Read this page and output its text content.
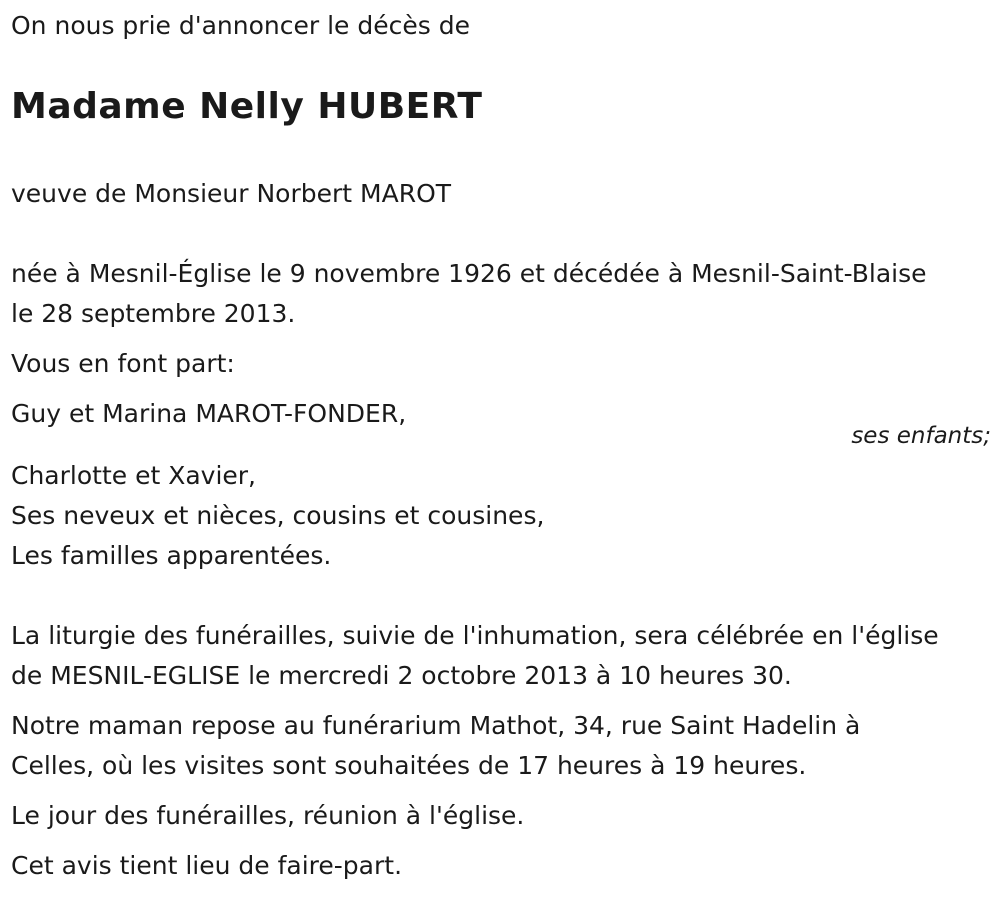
On nous prie d'annoncer le décès de

Madame Nelly HUBERT

veuve de Monsieur Norbert MAROT

née à Mesnil-Église le 9 novembre 1926 et décédée à Mesnil-Saint-Blaise

le 28 septembre 2013.

Vous en font part:

Guy et Marina MAROT-FONDER,

ses enfants;

Charlotte et Xavier,

Ses neveux et nièces, cousins et cousines,

Les familles apparentées.

La liturgie des funérailles, suivie de l'inhumation, sera célébrée en l'église

de MESNIL-EGLISE le mercredi 2 octobre 2013 à 10 heures 30.

Notre maman repose au funérarium Mathot, 34, rue Saint Hadelin à

Celles, où les visites sont souhaitées de 17 heures à 19 heures.

Le jour des funérailles, réunion à l'église.

Cet avis tient lieu de faire-part.
